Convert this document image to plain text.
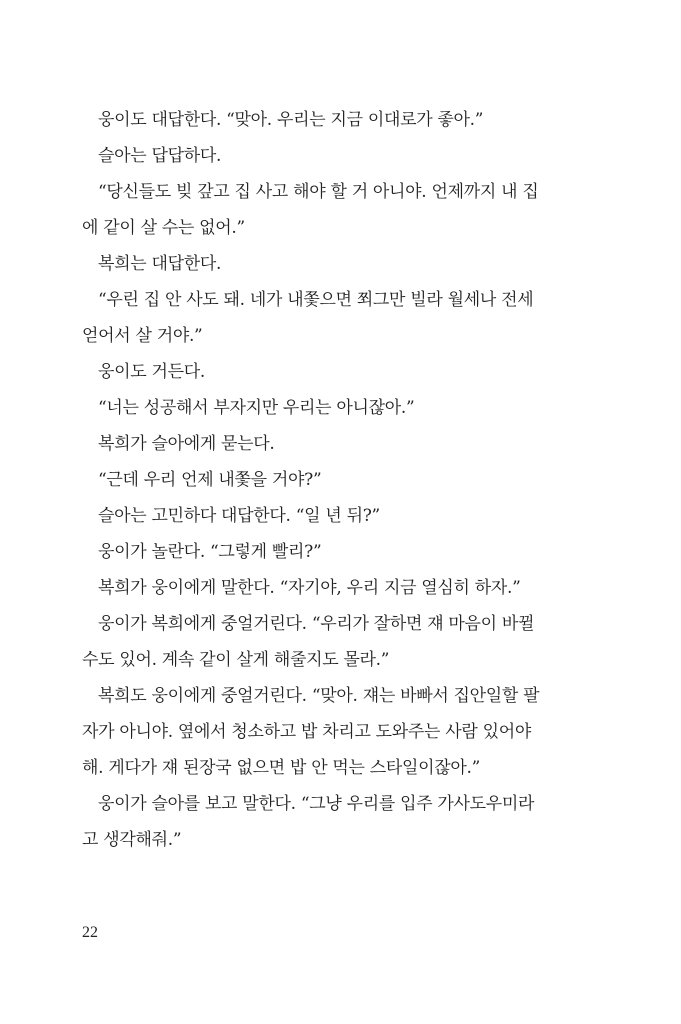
웅이도 대답한다. “맞아. 우리는 지금 이대로가 좋아.”
슬아는 답답하다.
“당신들도 빚 갚고 집 사고 해야 할 거 아니야. 언제까지 내 집
에 같이 살 수는 없어.”
복희는 대답한다.
“우린 집 안 사도 돼. 네가 내쫓으면 쬐그만 빌라 월세나 전세
얻어서 살 거야.”
웅이도 거든다.
“너는 성공해서 부자지만 우리는 아니잖아.”
복희가 슬아에게 묻는다.
“근데 우리 언제 내쫓을 거야?”
슬아는 고민하다 대답한다. “일 년 뒤?”
웅이가 놀란다. “그렇게 빨리?”
복희가 웅이에게 말한다. “자기야, 우리 지금 열심히 하자.”
웅이가 복희에게 중얼거린다. “우리가 잘하면 쟤 마음이 바뀔
수도 있어. 계속 같이 살게 해줄지도 몰라.”
복희도 웅이에게 중얼거린다. “맞아. 쟤는 바빠서 집안일할 팔
자가 아니야. 옆에서 청소하고 밥 차리고 도와주는 사람 있어야
해. 게다가 쟤 된장국 없으면 밥 안 먹는 스타일이잖아.”
웅이가 슬아를 보고 말한다. “그냥 우리를 입주 가사도우미라
고 생각해줘.”
22
